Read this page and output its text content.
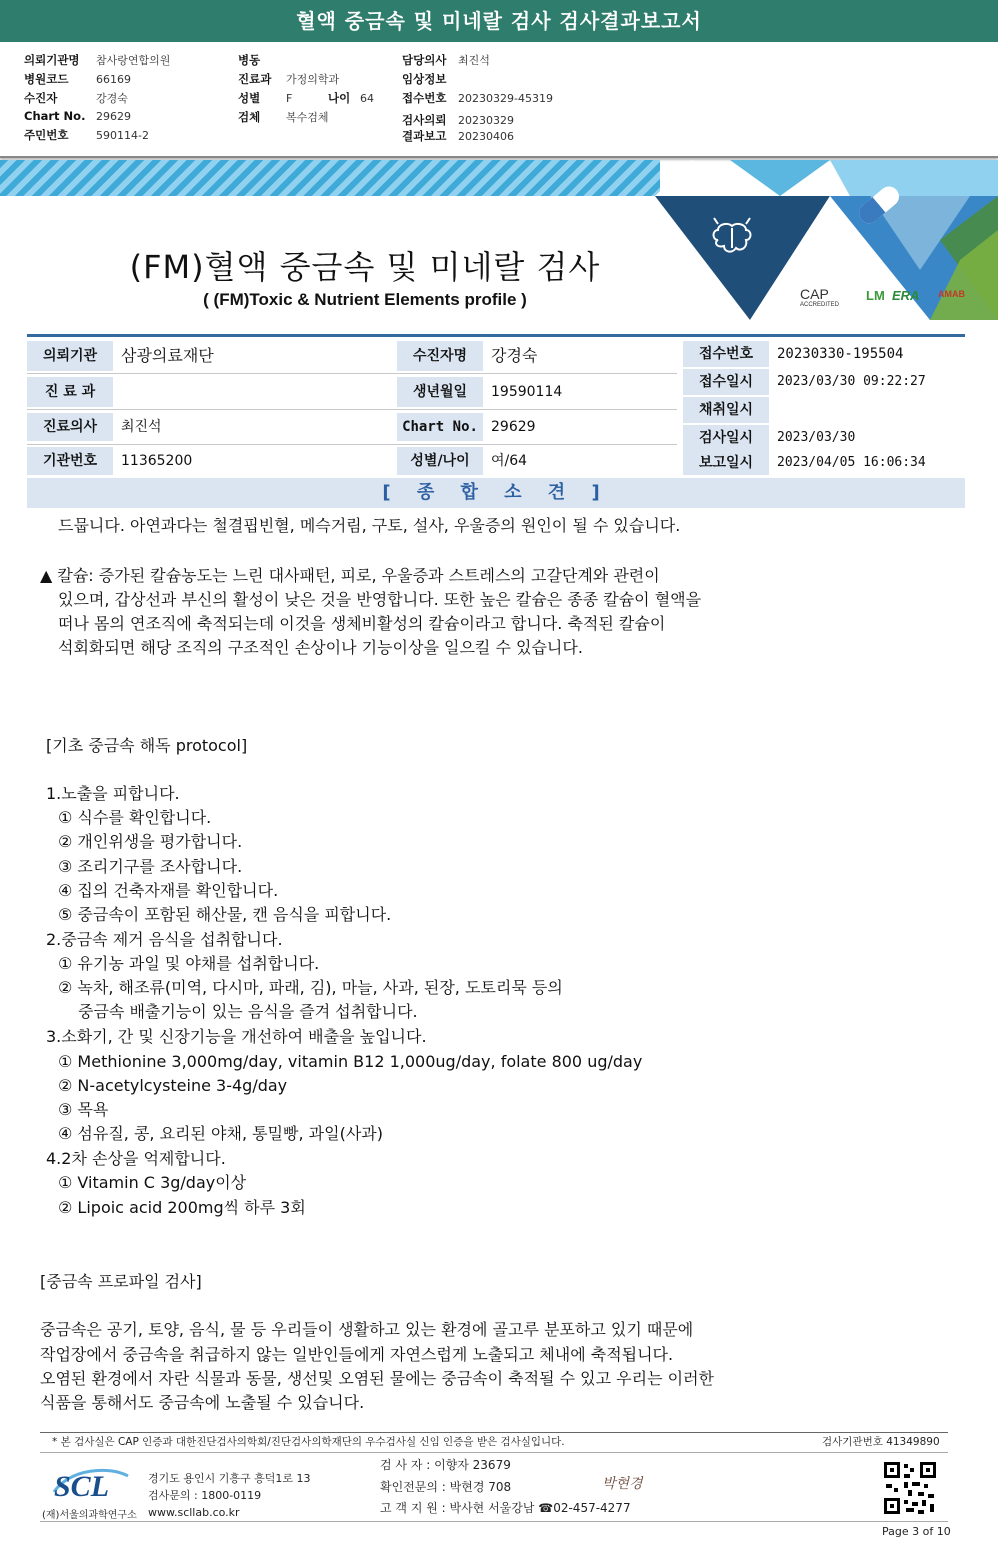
혈액 중금속 및 미네랄 검사 검사결과보고서
의뢰기관명 참사랑연합의원
병원코드	66169
수진자	강경숙
Chart No. 29629
주민번호	590114-2
병동
진료과 가정의학과
성별 F	나이 64
검체 복수검체
담당의사 최진석
임상정보
접수번호 20230329-45319
검사의뢰 20230329
결과보고 20230406
CAP
ACCREDITED
LM ERA AMAB
(FM)혈액 중금속 및 미네랄 검사
( (FM)Toxic & Nutrient Elements profile )
의뢰기관	삼광의료재단
진 료 과
진료의사	최진석
기관번호	11365200
수진자명	강경숙
생년월일	19590114
Chart No. 29629
성별/나이	여/64
접수번호	20230330-195504
접수일시	2023/03/30 09:22:27
채취일시
검사일시	2023/03/30
보고일시	2023/04/05 16:06:34
[ 종 합 소 견 ]
드뭅니다. 아연과다는 철결핍빈혈, 메슥거림, 구토, 설사, 우울증의 원인이 될 수 있습니다.
▲ 칼슘: 증가된 칼슘농도는 느린 대사패턴, 피로, 우울증과 스트레스의 고갈단계와 관련이
있으며, 갑상선과 부신의 활성이 낮은 것을 반영합니다. 또한 높은 칼슘은 종종 칼슘이 혈액을
떠나 몸의 연조직에 축적되는데 이것을 생체비활성의 칼슘이라고 합니다. 축적된 칼슘이
석회화되면 해당 조직의 구조적인 손상이나 기능이상을 일으킬 수 있습니다.
[기초 중금속 해독 protocol]
1.노출을 피합니다.
① 식수를 확인합니다.
② 개인위생을 평가합니다.
③ 조리기구를 조사합니다.
④ 집의 건축자재를 확인합니다.
⑤ 중금속이 포함된 해산물, 캔 음식을 피합니다.
2.중금속 제거 음식을 섭취합니다.
① 유기농 과일 및 야채를 섭취합니다.
② 녹차, 해조류(미역, 다시마, 파래, 김), 마늘, 사과, 된장, 도토리묵 등의
중금속 배출기능이 있는 음식을 즐겨 섭취합니다.
3.소화기, 간 및 신장기능을 개선하여 배출을 높입니다.
① Methionine 3,000mg/day, vitamin B12 1,000ug/day, folate 800 ug/day
② N-acetylcysteine 3-4g/day
③ 목욕
④ 섬유질, 콩, 요리된 야채, 통밀빵, 과일(사과)
4.2차 손상을 억제합니다.
① Vitamin C 3g/day이상
② Lipoic acid 200mg씩 하루 3회
[중금속 프로파일 검사]
중금속은 공기, 토양, 음식, 물 등 우리들이 생활하고 있는 환경에 골고루 분포하고 있기 때문에
작업장에서 중금속을 취급하지 않는 일반인들에게 자연스럽게 노출되고 체내에 축적됩니다.
오염된 환경에서 자란 식물과 동물, 생선및 오염된 물에는 중금속이 축적될 수 있고 우리는 이러한
식품을 통해서도 중금속에 노출될 수 있습니다.
* 본 검사실은 CAP 인증과 대한진단검사의학회/진단검사의학재단의 우수검사실 신임 인증을 받은 검사실입니다.	검사기관번호 41349890
SCL
(재)서울의과학연구소
경기도 용인시 기흥구 흥덕1로 13
검사문의 : 1800-0119
www.scllab.co.kr
검 사 자 : 이향자 23679
확인전문의 : 박현경 708
고 객 지 원 : 박사현 서울강남 ☎02-457-4277
박현경
Page 3 of 10
